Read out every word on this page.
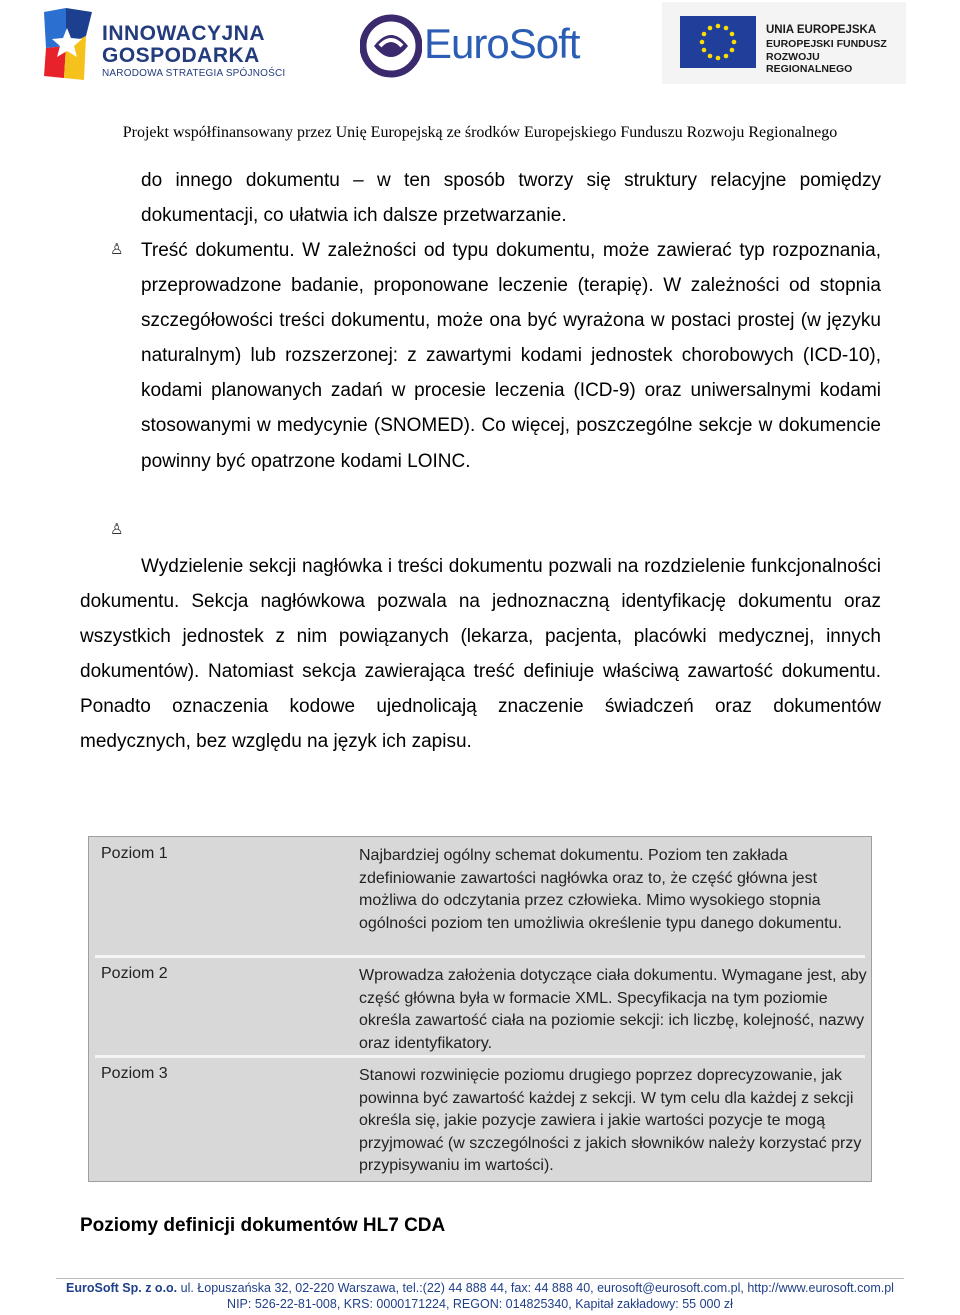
INNOWACYJNA
GOSPODARKA
NARODOWA STRATEGIA SPÓJNOŚCI
EuroSoft	UNIA EUROPEJSKA
EUROPEJSKI FUNDUSZ
ROZWOJU REGIONALNEGO
Projekt współfinansowany przez Unię Europejską ze środków Europejskiego Funduszu Rozwoju Regionalnego

do innego dokumentu – w ten sposób tworzy się struktury relacyjne pomiędzy dokumentacji, co ułatwia ich dalsze przetwarzanie.

♙ Treść dokumentu. W zależności od typu dokumentu, może zawierać typ rozpoznania, przeprowadzone badanie, proponowane leczenie (terapię). W zależności od stopnia szczegółowości treści dokumentu, może ona być wyrażona w postaci prostej (w języku naturalnym) lub rozszerzonej: z zawartymi kodami jednostek chorobowych (ICD-10), kodami planowanych zadań w procesie leczenia (ICD-9) oraz uniwersalnymi kodami stosowanymi w medycynie (SNOMED). Co więcej, poszczególne sekcje w dokumencie powinny być opatrzone kodami LOINC.

♙

Wydzielenie sekcji nagłówka i treści dokumentu pozwali na rozdzielenie funkcjonalności dokumentu. Sekcja nagłówkowa pozwala na jednoznaczną identyfikację dokumentu oraz wszystkich jednostek z nim powiązanych (lekarza, pacjenta, placówki medycznej, innych dokumentów). Natomiast sekcja zawierająca treść definiuje właściwą zawartość dokumentu. Ponadto oznaczenia kodowe ujednolicają znaczenie świadczeń oraz dokumentów medycznych, bez względu na język ich zapisu.

Poziom 1	Najbardziej ogólny schemat dokumentu. Poziom ten zakłada zdefiniowanie zawartości nagłówka oraz to, że część główna jest możliwa do odczytania przez człowieka. Mimo wysokiego stopnia ogólności poziom ten umożliwia określenie typu danego dokumentu.
Poziom 2	Wprowadza założenia dotyczące ciała dokumentu. Wymagane jest, aby część główna była w formacie XML. Specyfikacja na tym poziomie określa zawartość ciała na poziomie sekcji: ich liczbę, kolejność, nazwy oraz identyfikatory.
Poziom 3	Stanowi rozwinięcie poziomu drugiego poprzez doprecyzowanie, jak powinna być zawartość każdej z sekcji. W tym celu dla każdej z sekcji określa się, jakie pozycje zawiera i jakie wartości pozycje te mogą przyjmować (w szczególności z jakich słowników należy korzystać przy przypisywaniu im wartości).
Poziomy definicji dokumentów HL7 CDA
EuroSoft Sp. z o.o. ul. Łopuszańska 32, 02-220 Warszawa, tel.:(22) 44 888 44, fax: 44 888 40, eurosoft@eurosoft.com.pl, http://www.eurosoft.com.pl
NIP: 526-22-81-008, KRS: 0000171224, REGON: 014825340, Kapitał zakładowy: 55 000 zł
